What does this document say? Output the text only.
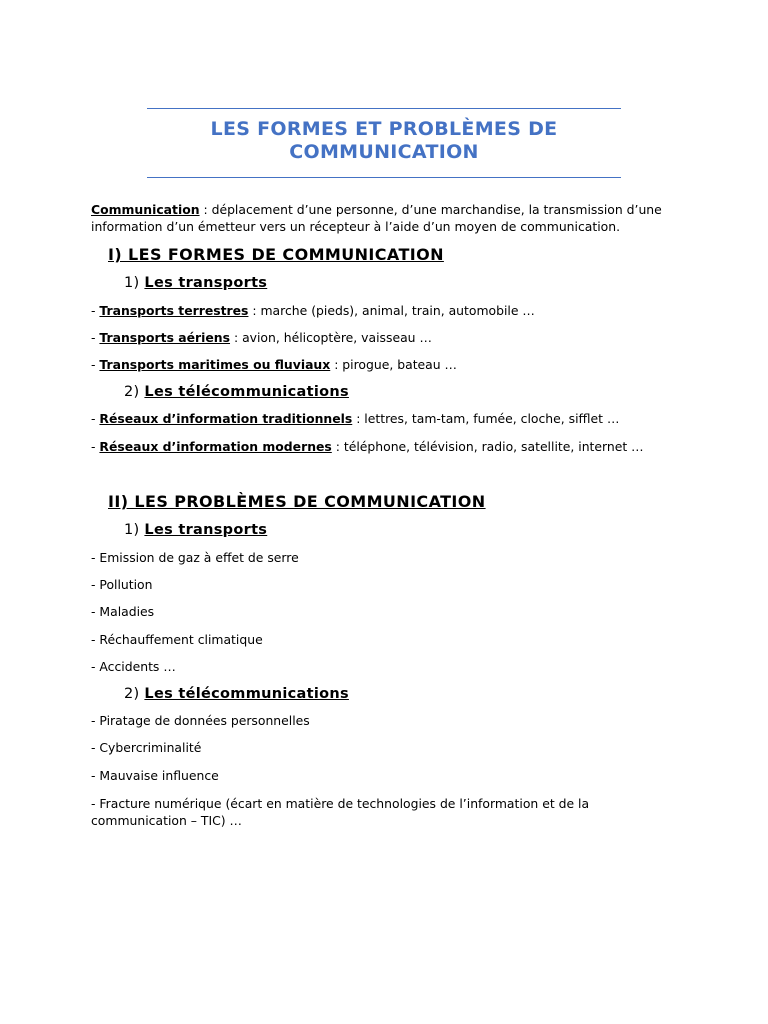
LES FORMES ET PROBLÈMES DE
COMMUNICATION
Communication : déplacement d’une personne, d’une marchandise, la transmission d’une information d’un émetteur vers un récepteur à l’aide d’un moyen de communication.
I) LES FORMES DE COMMUNICATION
1) Les transports
- Transports terrestres : marche (pieds), animal, train, automobile …
- Transports aériens : avion, hélicoptère, vaisseau …
- Transports maritimes ou fluviaux : pirogue, bateau …
2) Les télécommunications
- Réseaux d’information traditionnels : lettres, tam-tam, fumée, cloche, sifflet …
- Réseaux d’information modernes : téléphone, télévision, radio, satellite, internet …
II) LES PROBLÈMES DE COMMUNICATION
1) Les transports
- Emission de gaz à effet de serre
- Pollution
- Maladies
- Réchauffement climatique
- Accidents …
2) Les télécommunications
- Piratage de données personnelles
- Cybercriminalité
- Mauvaise influence
- Fracture numérique (écart en matière de technologies de l’information et de la communication – TIC) …
